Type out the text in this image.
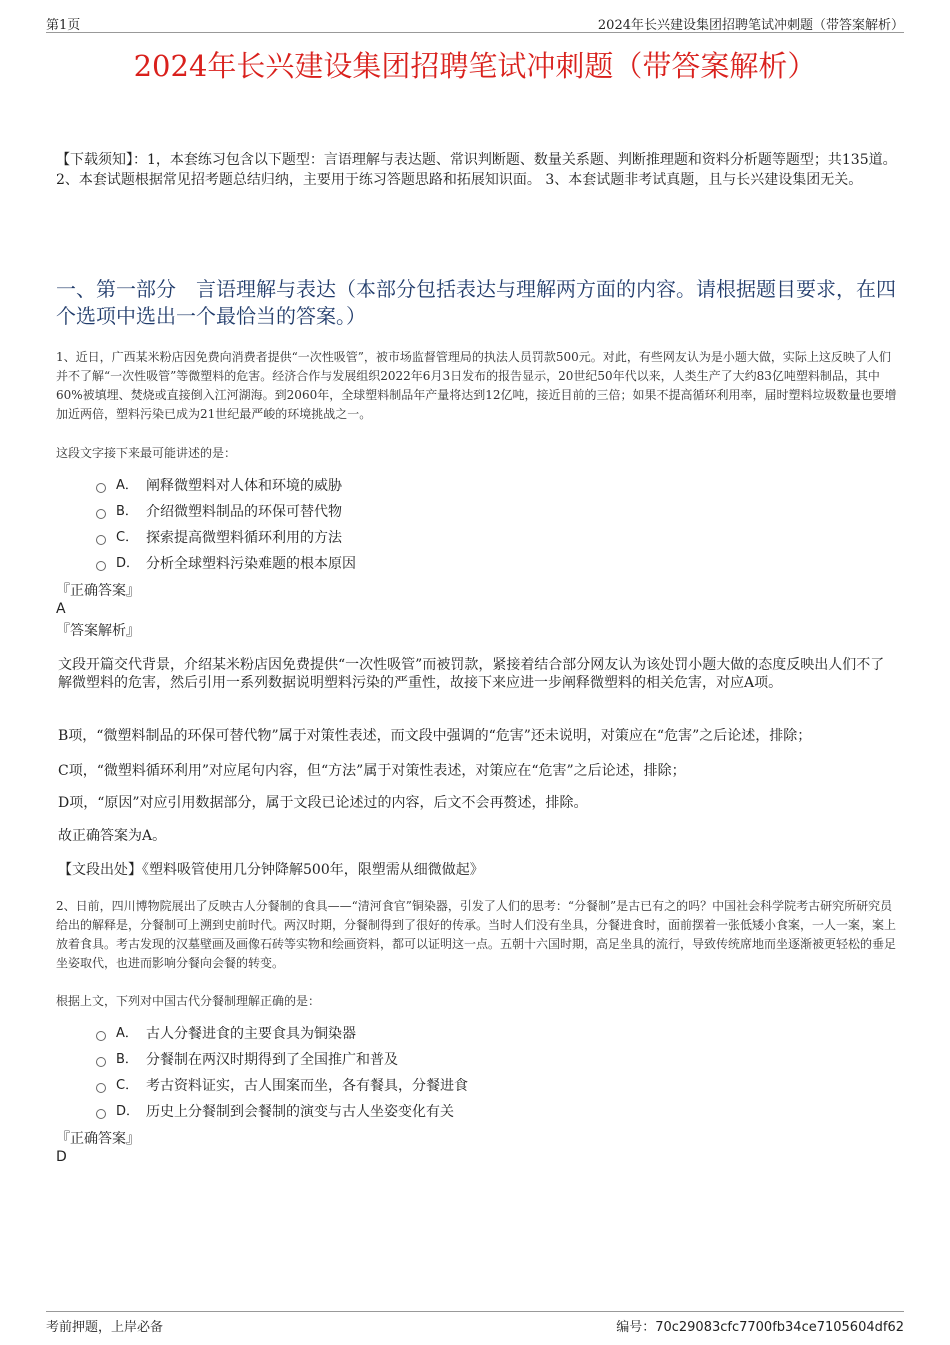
第1页	2024年长兴建设集团招聘笔试冲刺题（带答案解析）
2024年长兴建设集团招聘笔试冲刺题（带答案解析）
【下载须知】：1，本套练习包含以下题型：言语理解与表达题、常识判断题、数量关系题、判断推理题和资料分析题等题型；共135道。 2、本套试题根据常见招考题总结归纳，主要用于练习答题思路和拓展知识面。 3、本套试题非考试真题，且与长兴建设集团无关。
一、第一部分　言语理解与表达（本部分包括表达与理解两方面的内容。请根据题目要求，在四个选项中选出一个最恰当的答案。）
1、近日，广西某米粉店因免费向消费者提供“一次性吸管”，被市场监督管理局的执法人员罚款500元。对此，有些网友认为是小题大做，实际上这反映了人们并不了解“一次性吸管”等微塑料的危害。经济合作与发展组织2022年6月3日发布的报告显示，20世纪50年代以来，人类生产了大约83亿吨塑料制品，其中60%被填埋、焚烧或直接倒入江河湖海。到2060年，全球塑料制品年产量将达到12亿吨，接近目前的三倍；如果不提高循环利用率，届时塑料垃圾数量也要增加近两倍，塑料污染已成为21世纪最严峻的环境挑战之一。
这段文字接下来最可能讲述的是：
A． 阐释微塑料对人体和环境的威胁
B． 介绍微塑料制品的环保可替代物
C． 探索提高微塑料循环利用的方法
D． 分析全球塑料污染难题的根本原因
『正确答案』
A
『答案解析』
文段开篇交代背景，介绍某米粉店因免费提供“一次性吸管”而被罚款，紧接着结合部分网友认为该处罚小题大做的态度反映出人们不了解微塑料的危害，然后引用一系列数据说明塑料污染的严重性，故接下来应进一步阐释微塑料的相关危害，对应A项。
B项，“微塑料制品的环保可替代物”属于对策性表述，而文段中强调的“危害”还未说明，对策应在“危害”之后论述，排除；
C项，“微塑料循环利用”对应尾句内容，但“方法”属于对策性表述，对策应在“危害”之后论述，排除；
D项，“原因”对应引用数据部分，属于文段已论述过的内容，后文不会再赘述，排除。
故正确答案为A。
【文段出处】《塑料吸管使用几分钟降解500年，限塑需从细微做起》
2、日前，四川博物院展出了反映古人分餐制的食具——“清河食官”铜染器，引发了人们的思考：“分餐制”是古已有之的吗？中国社会科学院考古研究所研究员给出的解释是，分餐制可上溯到史前时代。两汉时期，分餐制得到了很好的传承。当时人们没有坐具，分餐进食时，面前摆着一张低矮小食案，一人一案，案上放着食具。考古发现的汉墓壁画及画像石砖等实物和绘画资料，都可以证明这一点。五朝十六国时期，高足坐具的流行，导致传统席地而坐逐渐被更轻松的垂足坐姿取代，也进而影响分餐向会餐的转变。
根据上文，下列对中国古代分餐制理解正确的是：
A． 古人分餐进食的主要食具为铜染器
B． 分餐制在两汉时期得到了全国推广和普及
C． 考古资料证实，古人围案而坐，各有餐具，分餐进食
D． 历史上分餐制到会餐制的演变与古人坐姿变化有关
『正确答案』
D
考前押题，上岸必备	编号：70c29083cfc7700fb34ce7105604df62
